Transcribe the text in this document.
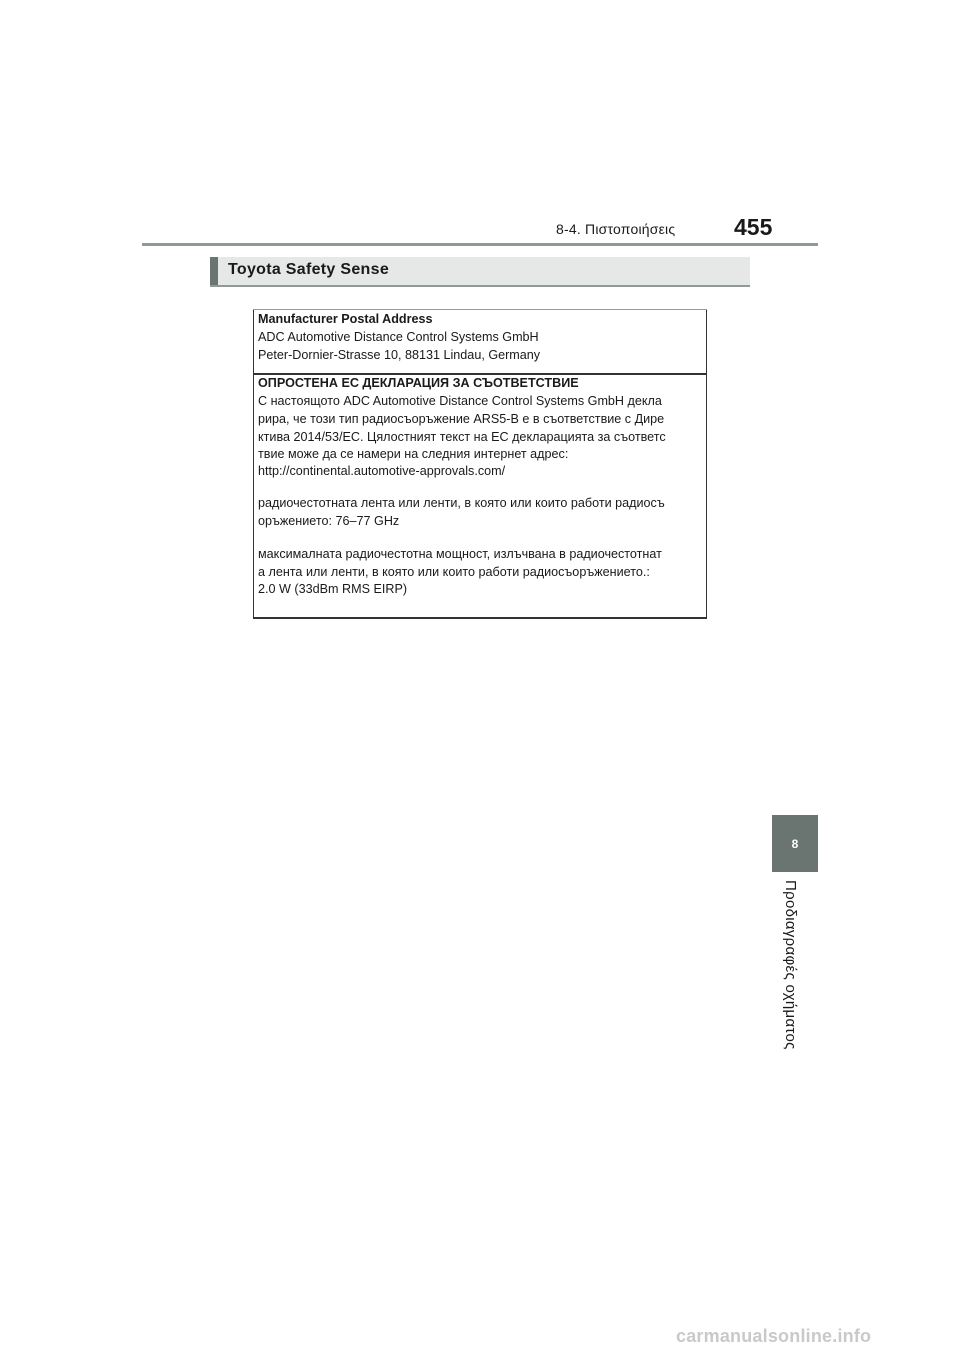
8-4. Πιστοποιήσεις	455
Toyota Safety Sense
Manufacturer Postal Address
ADC Automotive Distance Control Systems GmbH
Peter-Dornier-Strasse 10, 88131 Lindau, Germany
ОПРОСТЕНА ЕС ДЕКЛАРАЦИЯ ЗА СЪОТВЕТСТВИЕ
С настоящото ADC Automotive Distance Control Systems GmbH декла
рира, че този тип радиосъоръжение ARS5-B е в съответствие с Дире
ктива 2014/53/ЕС. Цялостният текст на ЕС декларацията за съответс
твие може да се намери на следния интернет адрес:
http://continental.automotive-approvals.com/
радиочестотната лента или ленти, в която или които работи радиосъ
оръжението: 76–77 GHz
максималната радиочестотна мощност, излъчвана в радиочестотнат
а лента или ленти, в която или които работи радиосъоръжението.:
2.0 W (33dBm RMS EIRP)
8
Προδιαγραφές οχήματος
carmanualsonline.info
